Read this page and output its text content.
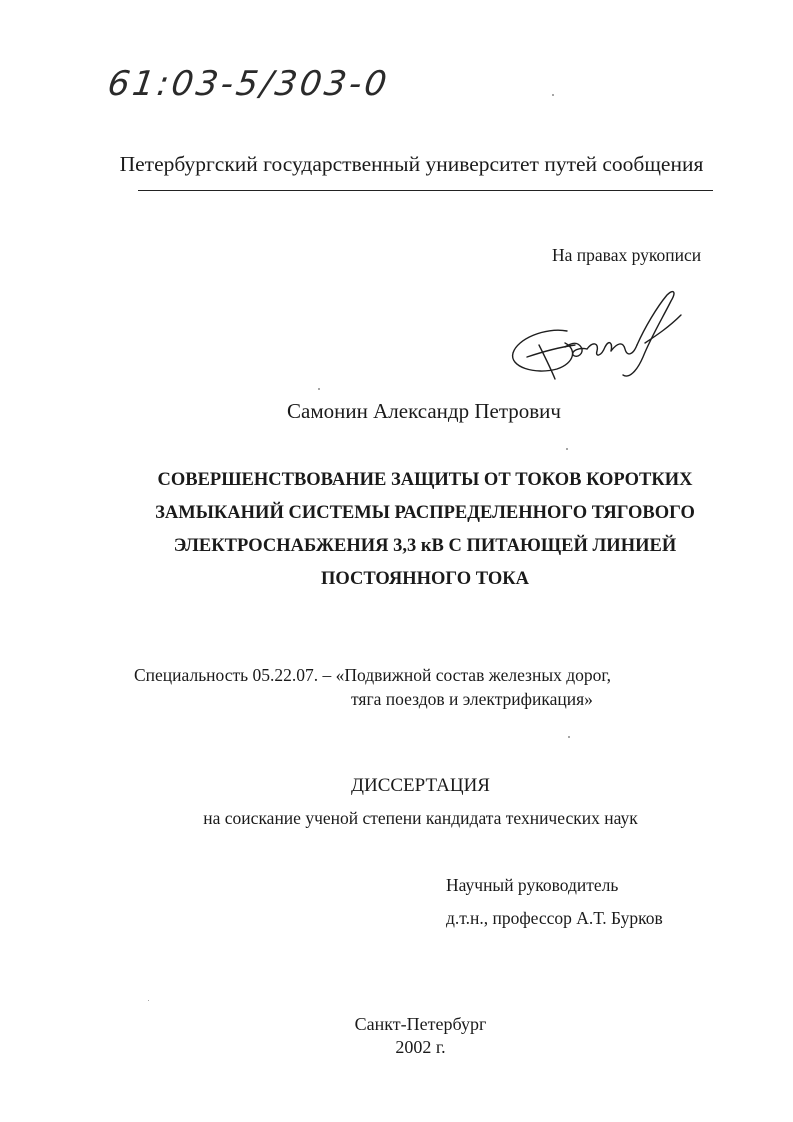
61:03-5/303-0
Петербургский государственный университет путей сообщения
На правах рукописи
Самонин Александр Петрович
СОВЕРШЕНСТВОВАНИЕ ЗАЩИТЫ ОТ ТОКОВ КОРОТКИХ
ЗАМЫКАНИЙ СИСТЕМЫ РАСПРЕДЕЛЕННОГО ТЯГОВОГО
ЭЛЕКТРОСНАБЖЕНИЯ 3,3 кВ С ПИТАЮЩЕЙ ЛИНИЕЙ
ПОСТОЯННОГО ТОКА
Специальность 05.22.07. – «Подвижной состав железных дорог,
тяга поездов и электрификация»
ДИССЕРТАЦИЯ
на соискание ученой степени кандидата технических наук
Научный руководитель
д.т.н., профессор А.Т. Бурков
Санкт-Петербург
2002 г.
